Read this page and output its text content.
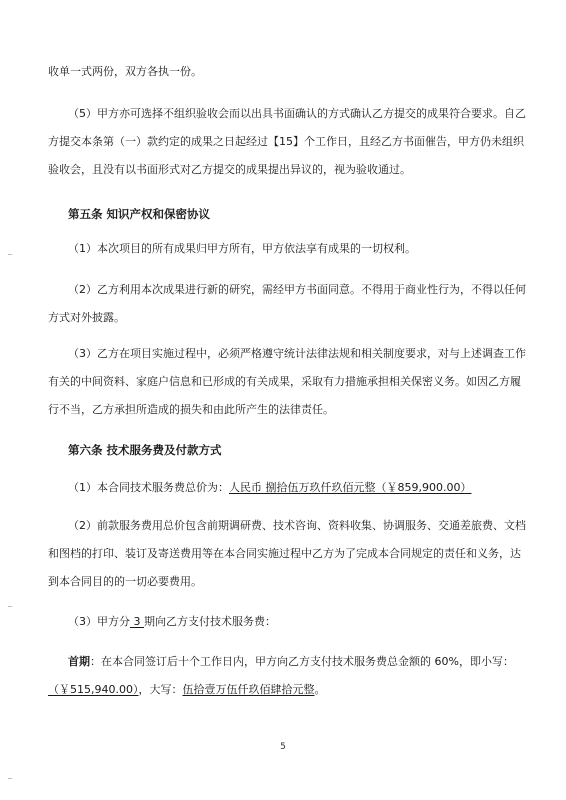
收单一式两份，双方各执一份。

（5）甲方亦可选择不组织验收会而以出具书面确认的方式确认乙方提交的成果符合要求。自乙方提交本条第（一）款约定的成果之日起经过【15】个工作日，且经乙方书面催告，甲方仍未组织验收会，且没有以书面形式对乙方提交的成果提出异议的，视为验收通过。

第五条 知识产权和保密协议

（1）本次项目的所有成果归甲方所有，甲方依法享有成果的一切权利。

（2）乙方利用本次成果进行新的研究，需经甲方书面同意。不得用于商业性行为，不得以任何方式对外披露。

（3）乙方在项目实施过程中，必须严格遵守统计法律法规和相关制度要求，对与上述调查工作有关的中间资料、家庭户信息和已形成的有关成果，采取有力措施承担相关保密义务。如因乙方履行不当，乙方承担所造成的损失和由此所产生的法律责任。

第六条 技术服务费及付款方式

（1）本合同技术服务费总价为：人民币 捌拾伍万玖仟玖佰元整（￥859,900.00）

（2）前款服务费用总价包含前期调研费、技术咨询、资料收集、协调服务、交通差旅费、文档和图档的打印、装订及寄送费用等在本合同实施过程中乙方为了完成本合同规定的责任和义务，达到本合同目的的一切必要费用。

（3）甲方分 3 期向乙方支付技术服务费：

首期：在本合同签订后十个工作日内，甲方向乙方支付技术服务费总金额的 60%，即小写：（￥515,940.00），大写：伍拾壹万伍仟玖佰肆拾元整。

5
